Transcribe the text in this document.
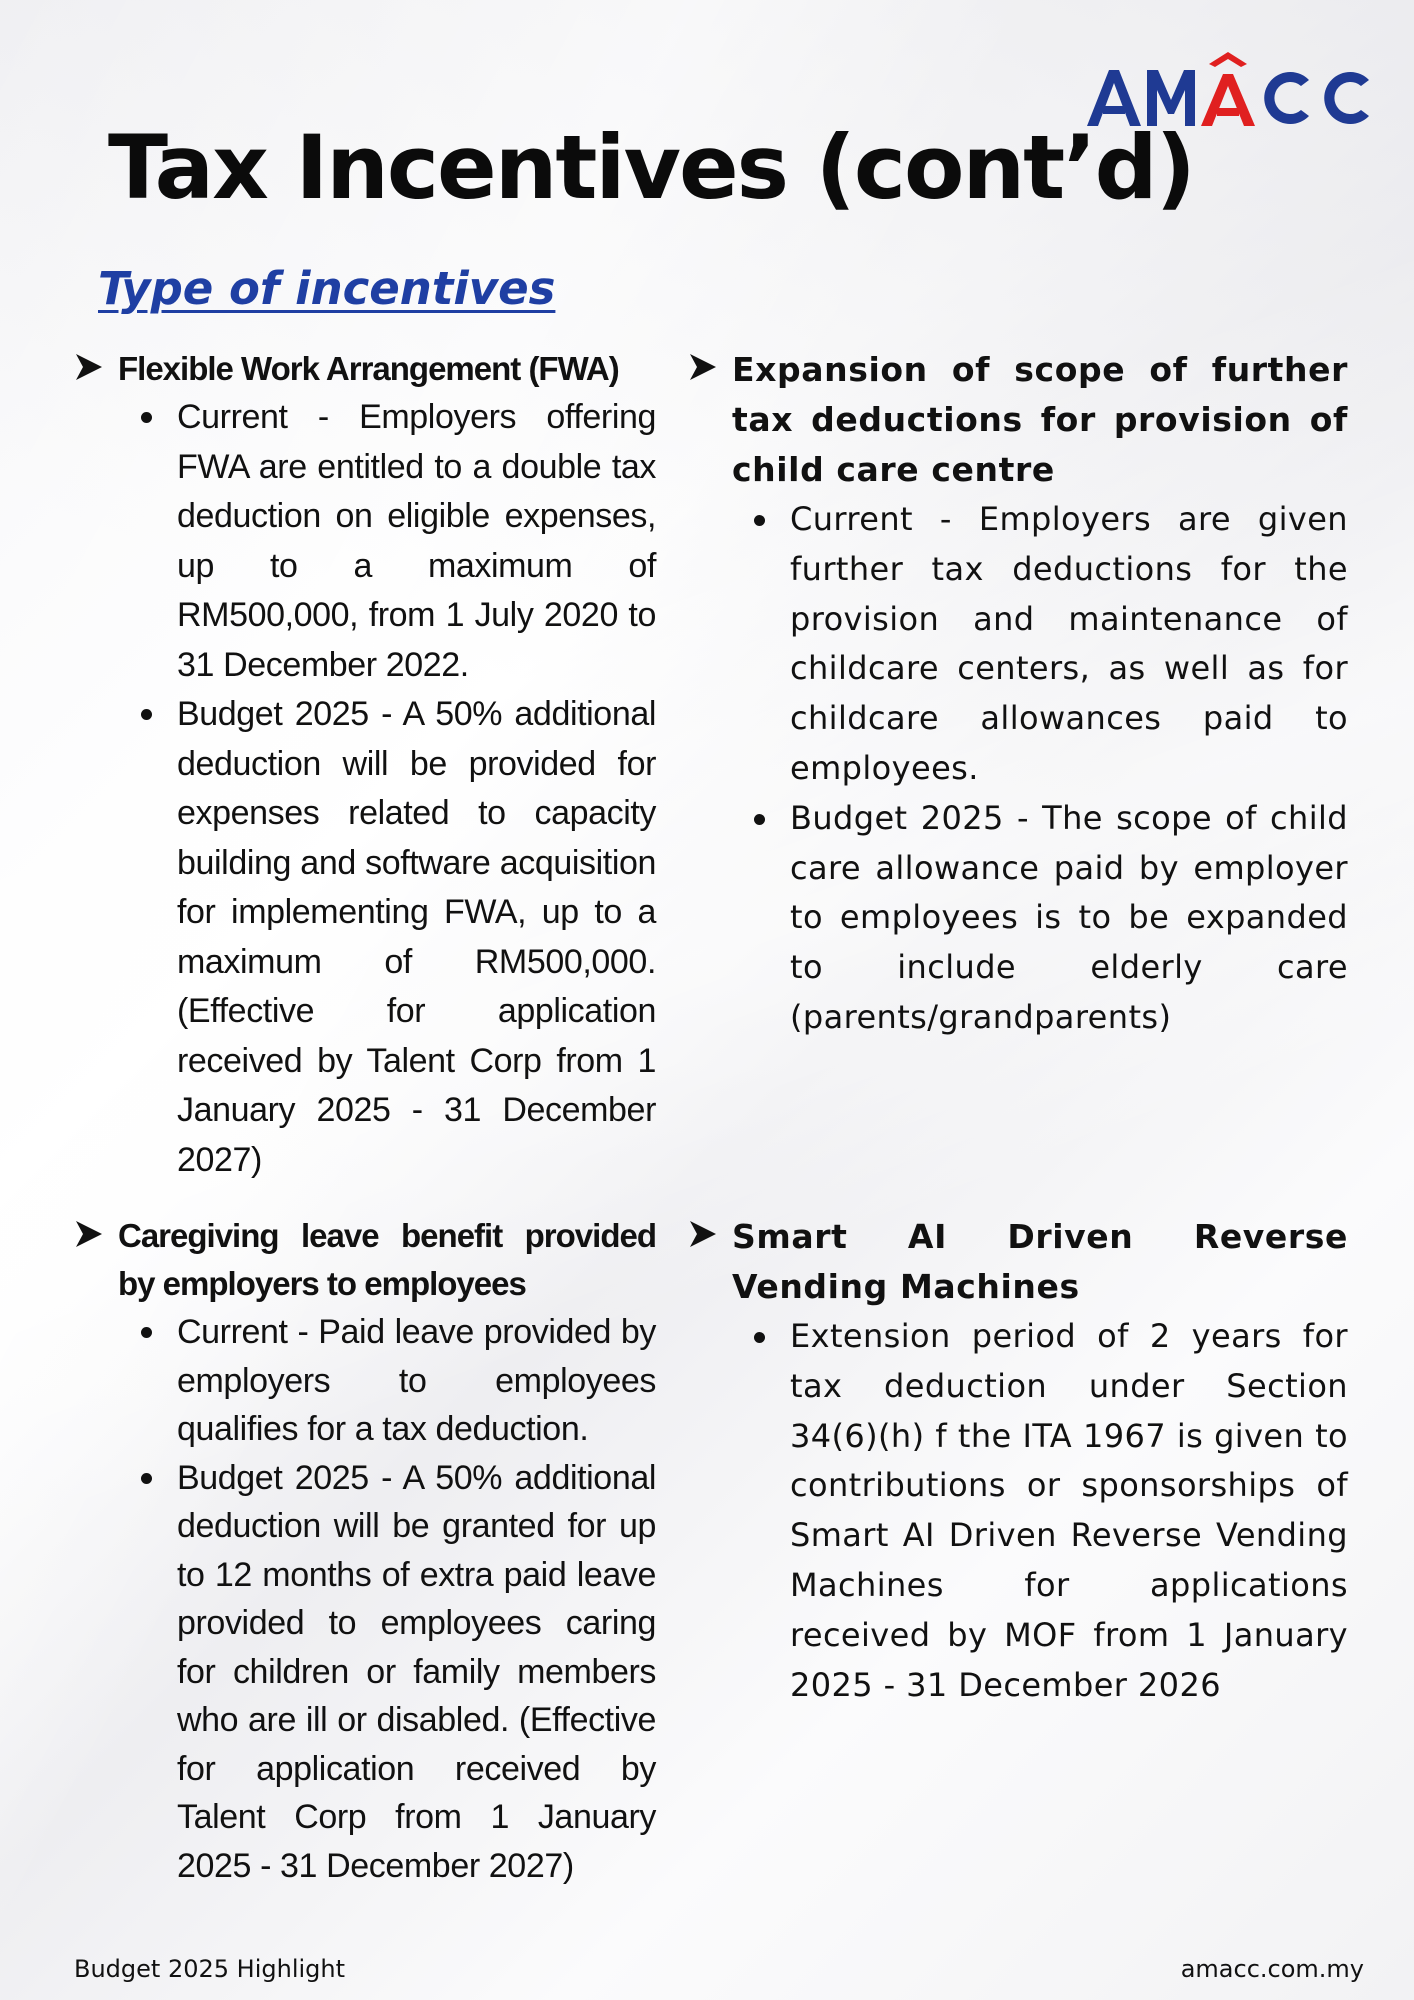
Tax Incentives (cont’d)
Type of incentives
Flexible Work Arrangement (FWA)
Current - Employers offering FWA are entitled to a double tax deduction on eligible expenses, up to a maximum of RM500,000, from 1 July 2020 to 31 December 2022.
Budget 2025 - A 50% additional deduction will be provided for expenses related to capacity building and software acquisition for implementing FWA, up to a maximum of RM500,000. (Effective for application received by Talent Corp from 1 January 2025 - 31 December 2027)
Expansion of scope of further tax deductions for provision of child care centre
Current - Employers are given further tax deductions for the provision and maintenance of childcare centers, as well as for childcare allowances paid to employees.
Budget 2025 - The scope of child care allowance paid by employer to employees is to be expanded to include elderly care (parents/grandparents)
Caregiving leave benefit provided by employers to employees
Current - Paid leave provided by employers to employees qualifies for a tax deduction.
Budget 2025 - A 50% additional deduction will be granted for up to 12 months of extra paid leave provided to employees caring for children or family members who are ill or disabled. (Effective for application received by Talent Corp from 1 January 2025 - 31 December 2027)
Smart AI Driven Reverse Vending Machines
Extension period of 2 years for tax deduction under Section 34(6)(h) f the ITA 1967 is given to contributions or sponsorships of Smart AI Driven Reverse Vending Machines for applications received by MOF from 1 January 2025 - 31 December 2026
Budget 2025 Highlight	amacc.com.my
